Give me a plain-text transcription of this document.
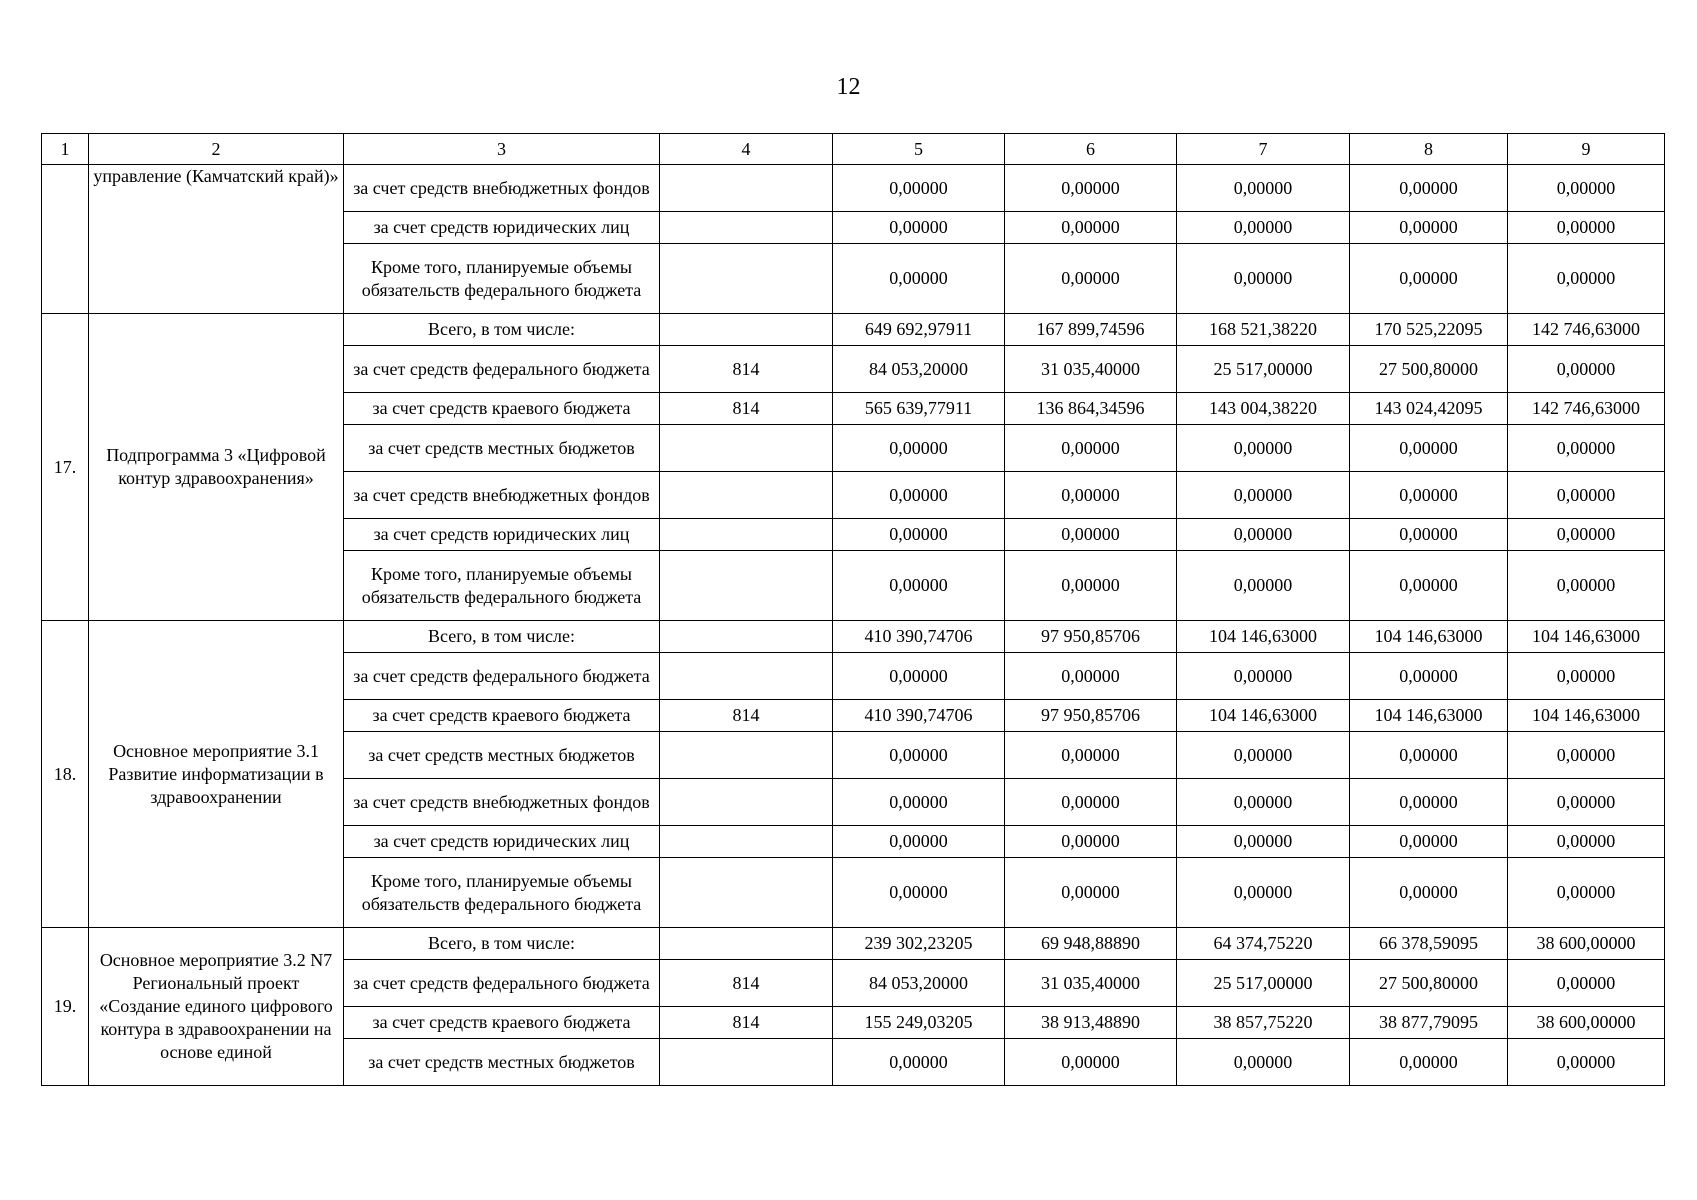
12
1	2	3	4	5	6	7	8	9
	управление (Камчатский край)»	за счет средств внебюджетных фондов		0,00000	0,00000	0,00000	0,00000	0,00000
		за счет средств юридических лиц		0,00000	0,00000	0,00000	0,00000	0,00000
		Кроме того, планируемые объемы обязательств федерального бюджета		0,00000	0,00000	0,00000	0,00000	0,00000
17.	Подпрограмма 3 «Цифровой контур здравоохранения»	Всего, в том числе:		649 692,97911	167 899,74596	168 521,38220	170 525,22095	142 746,63000
		за счет средств федерального бюджета	814	84 053,20000	31 035,40000	25 517,00000	27 500,80000	0,00000
		за счет средств краевого бюджета	814	565 639,77911	136 864,34596	143 004,38220	143 024,42095	142 746,63000
		за счет средств местных бюджетов		0,00000	0,00000	0,00000	0,00000	0,00000
		за счет средств внебюджетных фондов		0,00000	0,00000	0,00000	0,00000	0,00000
		за счет средств юридических лиц		0,00000	0,00000	0,00000	0,00000	0,00000
		Кроме того, планируемые объемы обязательств федерального бюджета		0,00000	0,00000	0,00000	0,00000	0,00000
18.	Основное мероприятие 3.1 Развитие информатизации в здравоохранении	Всего, в том числе:		410 390,74706	97 950,85706	104 146,63000	104 146,63000	104 146,63000
		за счет средств федерального бюджета		0,00000	0,00000	0,00000	0,00000	0,00000
		за счет средств краевого бюджета	814	410 390,74706	97 950,85706	104 146,63000	104 146,63000	104 146,63000
		за счет средств местных бюджетов		0,00000	0,00000	0,00000	0,00000	0,00000
		за счет средств внебюджетных фондов		0,00000	0,00000	0,00000	0,00000	0,00000
		за счет средств юридических лиц		0,00000	0,00000	0,00000	0,00000	0,00000
		Кроме того, планируемые объемы обязательств федерального бюджета		0,00000	0,00000	0,00000	0,00000	0,00000
19.	Основное мероприятие 3.2 N7 Региональный проект «Создание единого цифрового контура в здравоохранении на основе единой	Всего, в том числе:		239 302,23205	69 948,88890	64 374,75220	66 378,59095	38 600,00000
		за счет средств федерального бюджета	814	84 053,20000	31 035,40000	25 517,00000	27 500,80000	0,00000
		за счет средств краевого бюджета	814	155 249,03205	38 913,48890	38 857,75220	38 877,79095	38 600,00000
		за счет средств местных бюджетов		0,00000	0,00000	0,00000	0,00000	0,00000
